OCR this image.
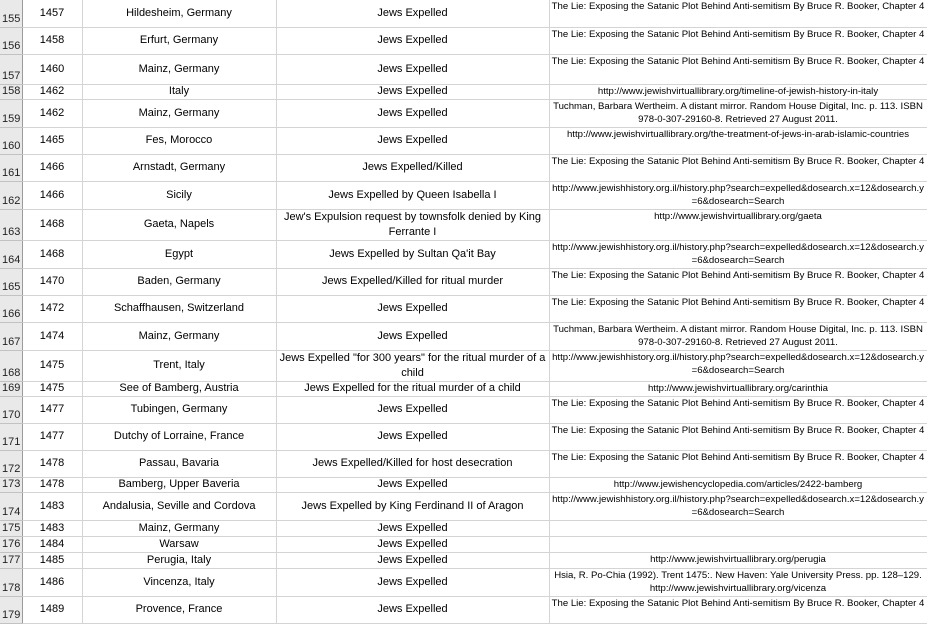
155	1457	Hildesheim, Germany	Jews Expelled	The Lie: Exposing the Satanic Plot Behind Anti-semitism By Bruce R. Booker, Chapter 4
156	1458	Erfurt, Germany	Jews Expelled	The Lie: Exposing the Satanic Plot Behind Anti-semitism By Bruce R. Booker, Chapter 4
157	1460	Mainz, Germany	Jews Expelled	The Lie: Exposing the Satanic Plot Behind Anti-semitism By Bruce R. Booker, Chapter 4
158	1462	Italy	Jews Expelled	http://www.jewishvirtuallibrary.org/timeline-of-jewish-history-in-italy
159	1462	Mainz, Germany	Jews Expelled	Tuchman, Barbara Wertheim. A distant mirror. Random House Digital, Inc. p. 113. ISBN 978-0-307-29160-8. Retrieved 27 August 2011.
160	1465	Fes, Morocco	Jews Expelled	http://www.jewishvirtuallibrary.org/the-treatment-of-jews-in-arab-islamic-countries
161	1466	Arnstadt, Germany	Jews Expelled/Killed	The Lie: Exposing the Satanic Plot Behind Anti-semitism By Bruce R. Booker, Chapter 4
162	1466	Sicily	Jews Expelled by Queen Isabella I	http://www.jewishhistory.org.il/history.php?search=expelled&dosearch.x=12&dosearch.y=6&dosearch=Search
163	1468	Gaeta, Napels	Jew's Expulsion request by townsfolk denied by King Ferrante I	http://www.jewishvirtuallibrary.org/gaeta
164	1468	Egypt	Jews Expelled by Sultan Qa'it Bay	http://www.jewishhistory.org.il/history.php?search=expelled&dosearch.x=12&dosearch.y=6&dosearch=Search
165	1470	Baden, Germany	Jews Expelled/Killed for ritual murder	The Lie: Exposing the Satanic Plot Behind Anti-semitism By Bruce R. Booker, Chapter 4
166	1472	Schaffhausen, Switzerland	Jews Expelled	The Lie: Exposing the Satanic Plot Behind Anti-semitism By Bruce R. Booker, Chapter 4
167	1474	Mainz, Germany	Jews Expelled	Tuchman, Barbara Wertheim. A distant mirror. Random House Digital, Inc. p. 113. ISBN 978-0-307-29160-8. Retrieved 27 August 2011.
168	1475	Trent, Italy	Jews Expelled "for 300 years" for the ritual murder of a child	http://www.jewishhistory.org.il/history.php?search=expelled&dosearch.x=12&dosearch.y=6&dosearch=Search
169	1475	See of Bamberg, Austria	Jews Expelled for the ritual murder of a child	http://www.jewishvirtuallibrary.org/carinthia
170	1477	Tubingen, Germany	Jews Expelled	The Lie: Exposing the Satanic Plot Behind Anti-semitism By Bruce R. Booker, Chapter 4
171	1477	Dutchy of Lorraine, France	Jews Expelled	The Lie: Exposing the Satanic Plot Behind Anti-semitism By Bruce R. Booker, Chapter 4
172	1478	Passau, Bavaria	Jews Expelled/Killed for host desecration	The Lie: Exposing the Satanic Plot Behind Anti-semitism By Bruce R. Booker, Chapter 4
173	1478	Bamberg, Upper Baveria	Jews Expelled	http://www.jewishencyclopedia.com/articles/2422-bamberg
174	1483	Andalusia, Seville and Cordova	Jews Expelled by King Ferdinand II of Aragon	http://www.jewishhistory.org.il/history.php?search=expelled&dosearch.x=12&dosearch.y=6&dosearch=Search
175	1483	Mainz, Germany	Jews Expelled	
176	1484	Warsaw	Jews Expelled	
177	1485	Perugia, Italy	Jews Expelled	http://www.jewishvirtuallibrary.org/perugia
178	1486	Vincenza, Italy	Jews Expelled	Hsia, R. Po-Chia (1992). Trent 1475:. New Haven: Yale University Press. pp. 128–129. http://www.jewishvirtuallibrary.org/vicenza
179	1489	Provence, France	Jews Expelled	The Lie: Exposing the Satanic Plot Behind Anti-semitism By Bruce R. Booker, Chapter 4
